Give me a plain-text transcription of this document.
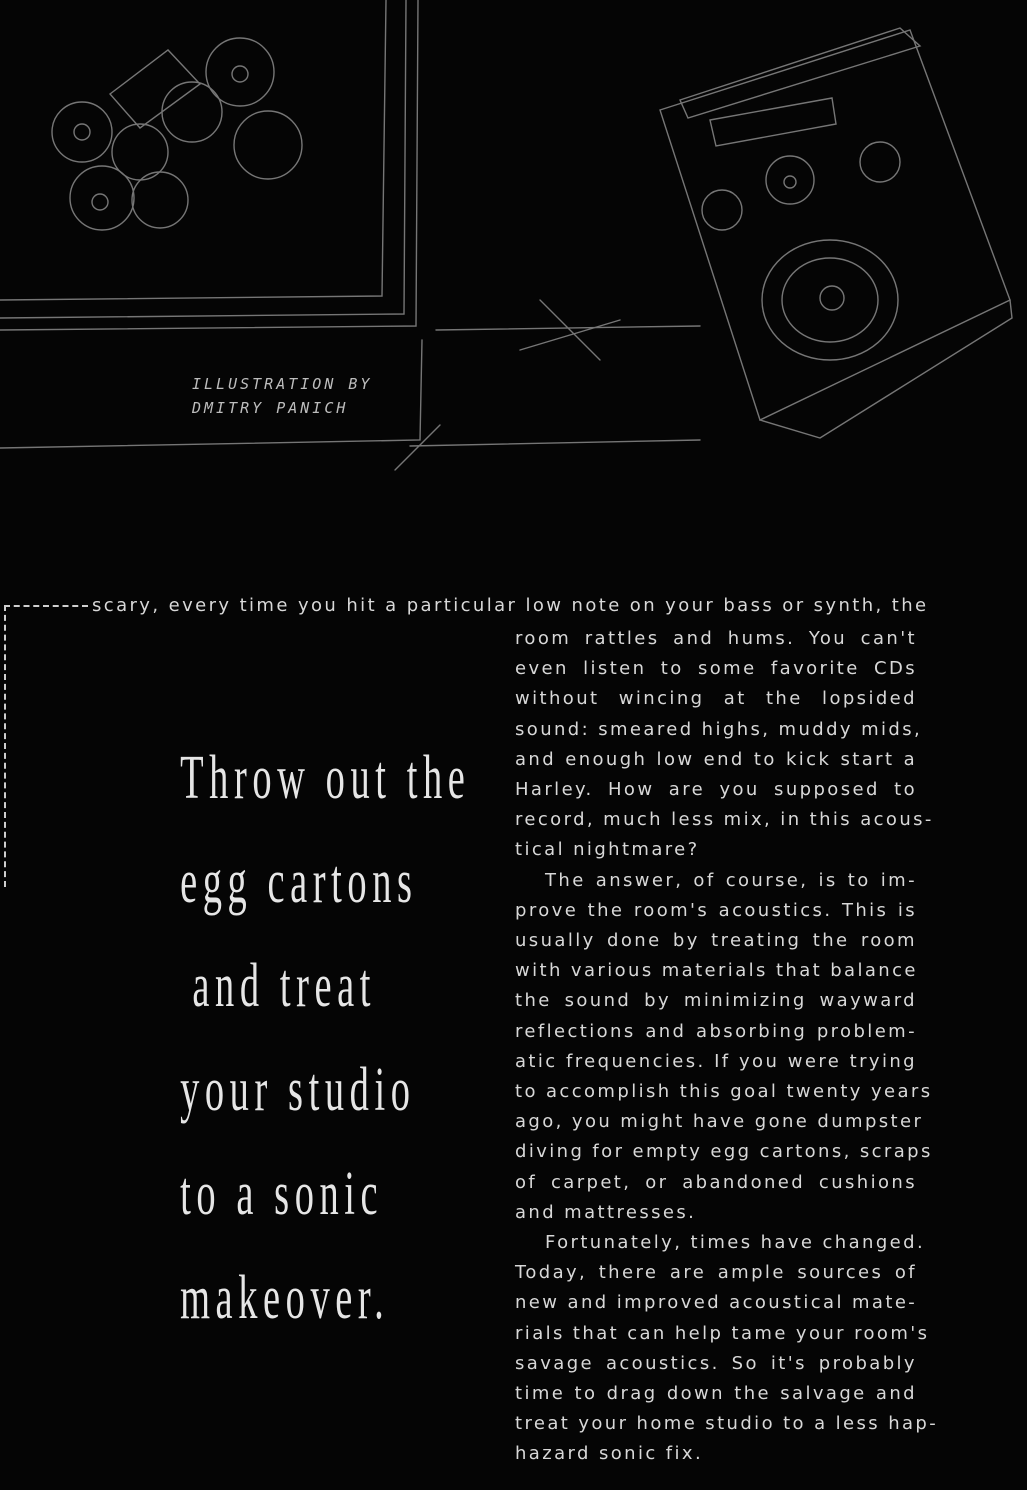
ILLUSTRATION BY
DMITRY PANICH
scary, every time you hit a particular low note on your bass or synth, the
Throw out the
egg cartons
and treat
your studio
to a sonic
makeover.
room rattles and hums. You can't
even listen to some favorite CDs
without wincing at the lopsided
sound: smeared highs, muddy mids,
and enough low end to kick start a
Harley. How are you supposed to
record, much less mix, in this acous-
tical nightmare?
The answer, of course, is to im-
prove the room's acoustics. This is
usually done by treating the room
with various materials that balance
the sound by minimizing wayward
reflections and absorbing problem-
atic frequencies. If you were trying
to accomplish this goal twenty years
ago, you might have gone dumpster
diving for empty egg cartons, scraps
of carpet, or abandoned cushions
and mattresses.
Fortunately, times have changed.
Today, there are ample sources of
new and improved acoustical mate-
rials that can help tame your room's
savage acoustics. So it's probably
time to drag down the salvage and
treat your home studio to a less hap-
hazard sonic fix.
